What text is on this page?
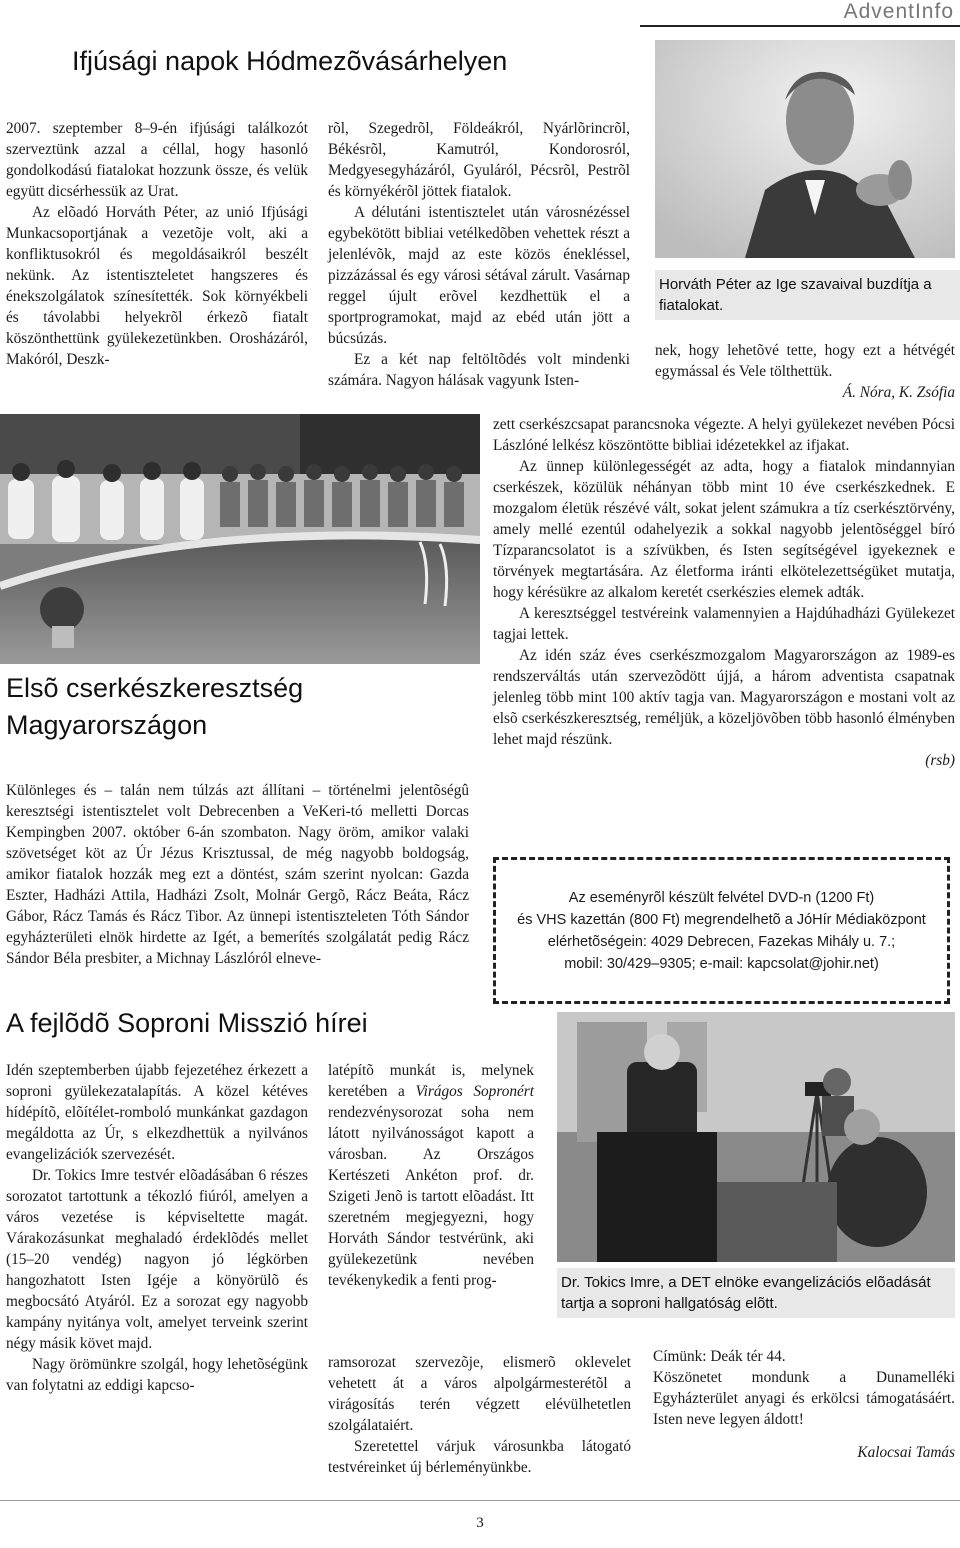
AdventInfo
Ifjúsági napok Hódmezõvásárhelyen

2007. szeptember 8–9-én ifjúsági találkozót szerveztünk azzal a céllal, hogy hasonló gondolkodású fiatalokat hozzunk össze, és velük együtt dicsérhessük az Urat.

Az elõadó Horváth Péter, az unió Ifjúsági Munkacsoportjának a vezetõje volt, aki a konfliktusokról és megoldásaikról beszélt nekünk. Az istentiszteletet hangszeres és énekszolgálatok színesítették. Sok környékbeli és távolabbi helyekrõl érkezõ fiatalt köszönthettünk gyülekezetünkben. Orosházáról, Makóról, Deszk-

rõl, Szegedrõl, Földeákról, Nyárlõrincrõl, Békésrõl, Kamutról, Kondorosról, Medgyesegyházáról, Gyuláról, Pécsrõl, Pestrõl és környékérõl jöttek fiatalok.

A délutáni istentisztelet után városnézéssel egybekötött bibliai vetélkedõben vehettek részt a jelenlévõk, majd az este közös énekléssel, pizzázással és egy városi sétával zárult. Vasárnap reggel újult erõvel kezdhettük el a sportprogramokat, majd az ebéd után jött a búcsúzás.

Ez a két nap feltöltõdés volt mindenki számára. Nagyon hálásak vagyunk Isten-

Horváth Péter az Ige szavaival buzdítja a fiatalokat.

nek, hogy lehetõvé tette, hogy ezt a hétvégét egymással és Vele tölthettük.

Á. Nóra, K. Zsófia

Elsõ cserkészkeresztség Magyarországon

Különleges és – talán nem túlzás azt állítani – történelmi jelentõségû keresztségi istentisztelet volt Debrecenben a VeKeri-tó melletti Dorcas Kempingben 2007. október 6-án szombaton. Nagy öröm, amikor valaki szövetséget köt az Úr Jézus Krisztussal, de még nagyobb boldogság, amikor fiatalok hozzák meg ezt a döntést, szám szerint nyolcan: Gazda Eszter, Hadházi Attila, Hadházi Zsolt, Molnár Gergõ, Rácz Beáta, Rácz Gábor, Rácz Tamás és Rácz Tibor. Az ünnepi istentiszteleten Tóth Sándor egyházterületi elnök hirdette az Igét, a bemerítés szolgálatát pedig Rácz Sándor Béla presbiter, a Michnay Lászlóról elneve-

zett cserkészcsapat parancsnoka végezte. A helyi gyülekezet nevében Pócsi Lászlóné lelkész köszöntötte bibliai idézetekkel az ifjakat.

Az ünnep különlegességét az adta, hogy a fiatalok mindannyian cserkészek, közülük néhányan több mint 10 éve cserkészkednek. E mozgalom életük részévé vált, sokat jelent számukra a tíz cserkésztörvény, amely mellé ezentúl odahelyezik a sokkal nagyobb jelentõséggel bíró Tízparancsolatot is a szívükben, és Isten segítségével igyekeznek e törvények megtartására. Az életforma iránti elkötelezettségüket mutatja, hogy kérésükre az alkalom keretét cserkészies elemek adták.

A keresztséggel testvéreink valamennyien a Hajdúhadházi Gyülekezet tagjai lettek.

Az idén száz éves cserkészmozgalom Magyarországon az 1989-es rendszerváltás után szervezõdött újjá, a három adventista csapatnak jelenleg több mint 100 aktív tagja van. Magyarországon e mostani volt az elsõ cserkészkeresztség, reméljük, a közeljövõben több hasonló élményben lehet majd részünk.

(rsb)

Az eseményrõl készült felvétel DVD-n (1200 Ft)
és VHS kazettán (800 Ft) megrendelhetõ a JóHír Médiaközpont
elérhetõségein: 4029 Debrecen, Fazekas Mihály u. 7.;
mobil: 30/429–9305; e-mail: kapcsolat@johir.net)
A fejlõdõ Soproni Misszió hírei

Idén szeptemberben újabb fejezetéhez érkezett a soproni gyülekezatalapítás. A közel kétéves hídépítõ, elõítélet-romboló munkánkat gazdagon megáldotta az Úr, s elkezdhettük a nyilvános evangelizációk szervezését.

Dr. Tokics Imre testvér elõadásában 6 részes sorozatot tartottunk a tékozló fiúról, amelyen a város vezetése is képviseltette magát. Várakozásunkat meghaladó érdeklõdés mellet (15–20 vendég) nagyon jó légkörben hangozhatott Isten Igéje a könyörülõ és megbocsátó Atyáról. Ez a sorozat egy nagyobb kampány nyitánya volt, amelyet terveink szerint négy másik követ majd.

Nagy örömünkre szolgál, hogy lehetõségünk van folytatni az eddigi kapcso-

latépítõ munkát is, melynek keretében a Virágos Sopronért rendezvénysorozat soha nem látott nyilvánosságot kapott a városban. Az Országos Kertészeti Ankéton prof. dr. Szigeti Jenõ is tartott elõadást. Itt szeretném megjegyezni, hogy Horváth Sándor testvérünk, aki gyülekezetünk nevében tevékenykedik a fenti prog-

ramsorozat szervezõje, elismerõ oklevelet vehetett át a város alpolgármesterétõl a virágosítás terén végzett elévülhetetlen szolgálataiért.

Szeretettel várjuk városunkba látogató testvéreinket új bérleményünkbe.

Dr. Tokics Imre, a DET elnöke evangelizációs elõadását tartja a soproni hallgatóság elõtt.

Címünk: Deák tér 44.

Köszönetet mondunk a Dunamelléki Egyházterület anyagi és erkölcsi támogatásáért. Isten neve legyen áldott!

Kalocsai Tamás

3
